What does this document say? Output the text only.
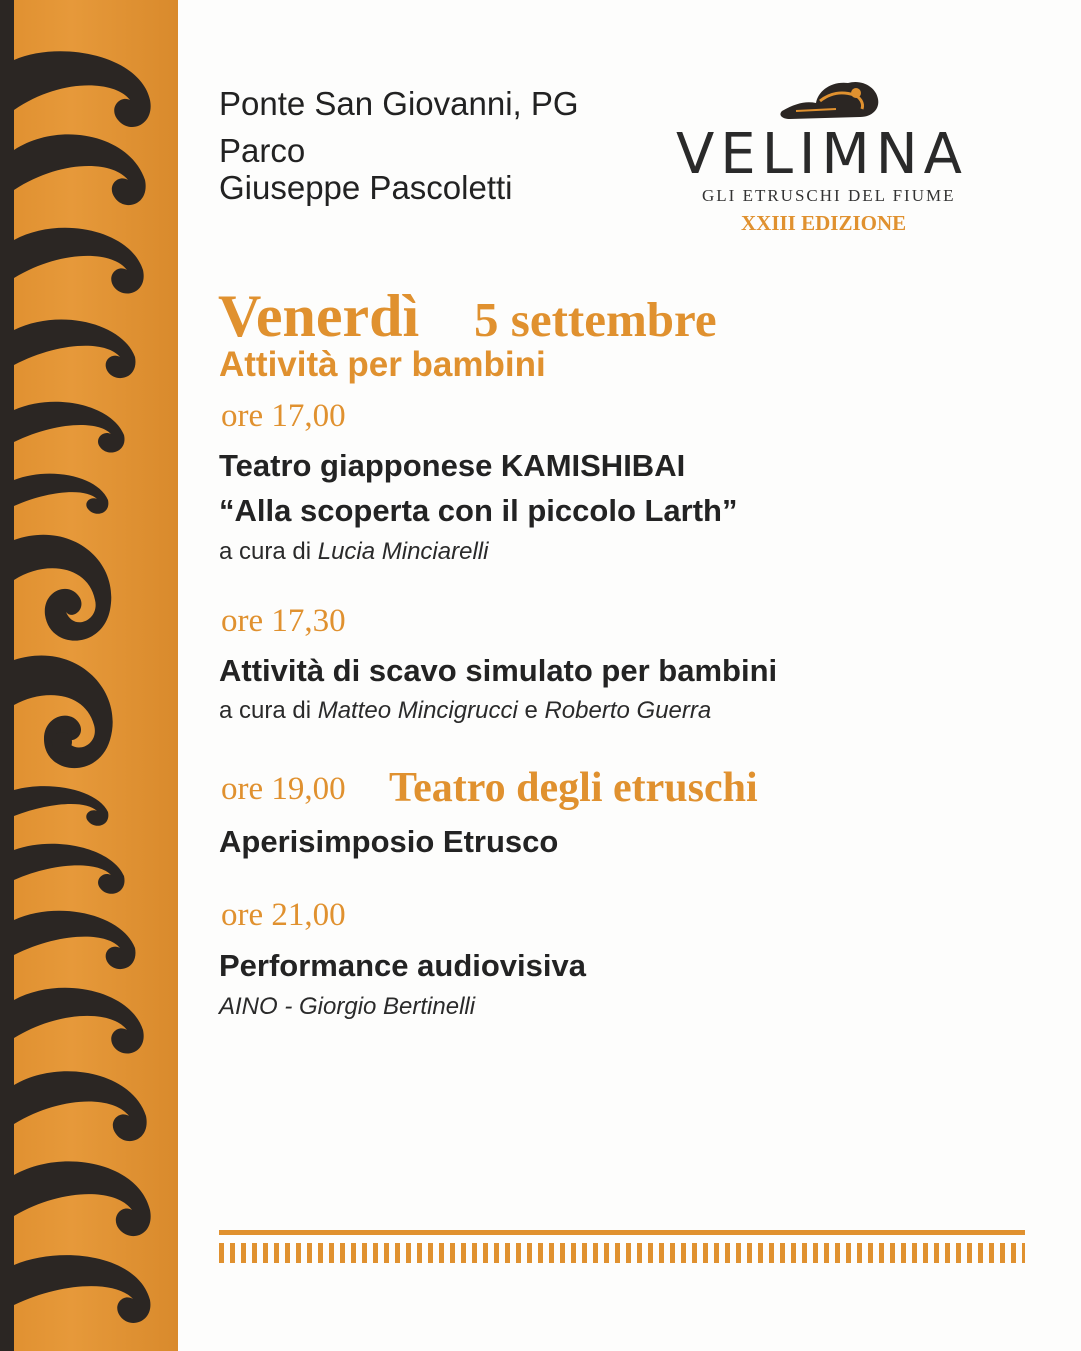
Ponte San Giovanni, PG
Parco
Giuseppe Pascoletti
VELIMNA
GLI ETRUSCHI DEL FIUME
XXIII EDIZIONE
Venerdì 5 settembre
Attività per bambini
ore 17,00
Teatro giapponese KAMISHIBAI
“Alla scoperta con il piccolo Larth”
a cura di Lucia Minciarelli
ore 17,30
Attività di scavo simulato per bambini
a cura di Matteo Mincigrucci e Roberto Guerra
ore 19,00 Teatro degli etruschi
Aperisimposio Etrusco
ore 21,00
Performance audiovisiva
AINO - Giorgio Bertinelli
